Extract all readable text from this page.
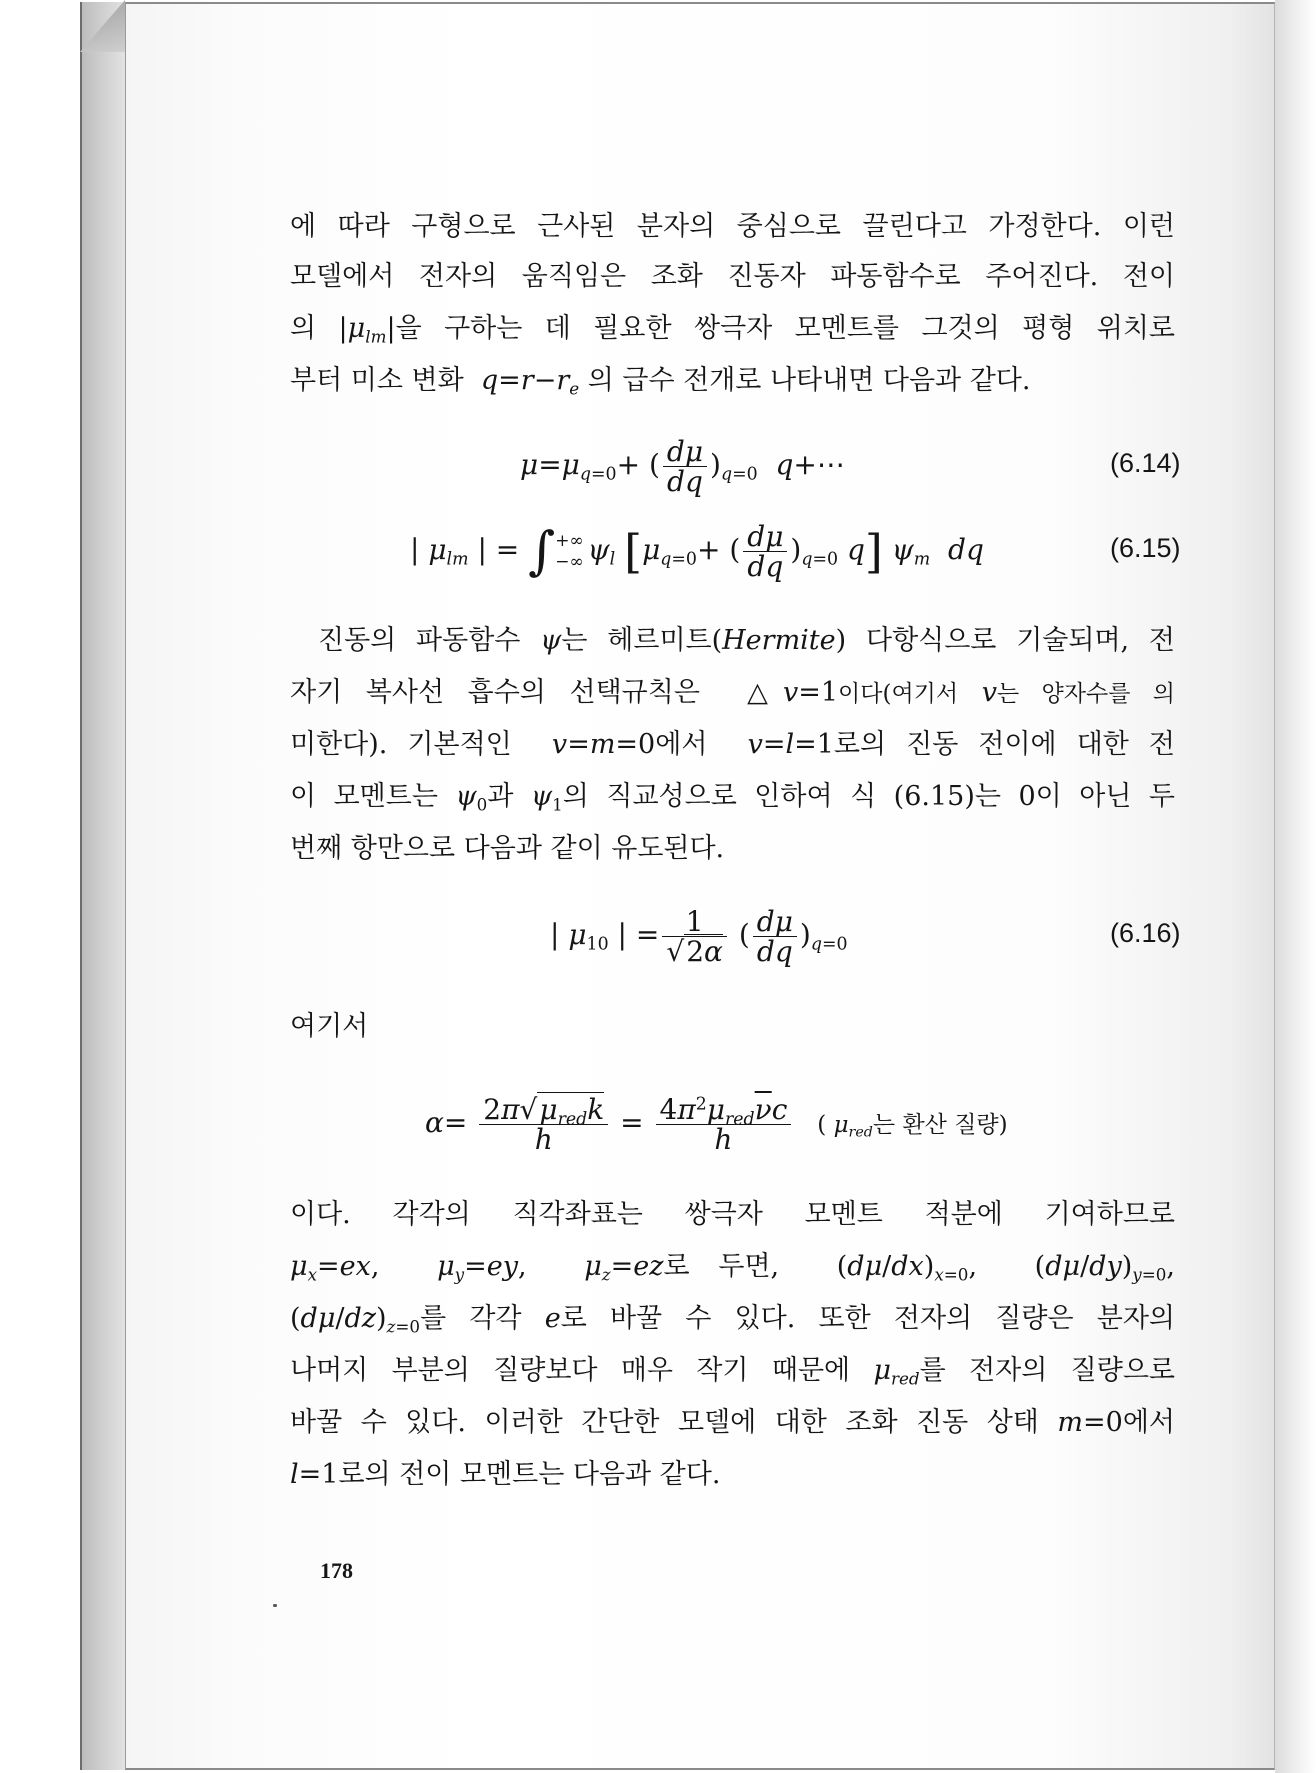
에 따라 구형으로 근사된 분자의 중심으로 끌린다고 가정한다. 이런
모델에서 전자의 움직임은 조화 진동자 파동함수로 주어진다. 전이
의 $|\mu_{lm}|$을 구하는 데 필요한 쌍극자 모멘트를 그것의 평형 위치로
부터 미소 변화 $q=r-r_e$ 의 급수 전개로 나타내면 다음과 같다.
$\mu=\mu_{q=0}+$ ( $\frac{d\mu}{dq} )_{q=0}$ q+⋯	(6.14)
| $\mu_{lm}$ | = ∫ +∞
−∞ $\psi_l$ [$\mu_{q=0}+$ ( $\frac{d\mu}{dq} )_{q=0}$ q] $\psi_m$ dq	(6.15)
진동의 파동함수 ψ는 헤르미트(Hermite) 다항식으로 기술되며, 전
자기 복사선 흡수의 선택규칙은  △v=1이다(여기서 v는 양자수를 의
미한다). 기본적인 v=m=0에서 v=l=1로의 진동 전이에 대한 전
이 모멘트는 $\psi_0$과 $\psi_1$의 직교성으로 인하여 식 (6.15)는 0이 아닌 두
번째 항만으로 다음과 같이 유도된다.
| $\mu_{10}$ | = $\frac{1}{√2\alpha}$ ( $\frac{d\mu}{dq} )_{q=0}$	(6.16)
여기서
$\alpha= \frac{2\pi√\mu_{red}k}{h} = \frac{4\pi^2\mu_{red}\overline{\nu}c}{h}$ ( $\mu_{red}$는 환산 질량)
이다. 각각의 직각좌표는 쌍극자 모멘트 적분에 기여하므로
$\mu_x=ex$,  $\mu_y=ey$,  $\mu_z=ez$로 두면,  $(d\mu/dx)_{x=0}$,  $(d\mu/dy)_{y=0}$,
$(d\mu/dz)_{z=0}$를 각각 e로 바꿀 수 있다. 또한 전자의 질량은 분자의
나머지 부분의 질량보다 매우 작기 때문에 $\mu_{red}$를 전자의 질량으로
바꿀 수 있다. 이러한 간단한 모델에 대한 조화 진동 상태 m=0에서
l=1로의 전이 모멘트는 다음과 같다.
178
